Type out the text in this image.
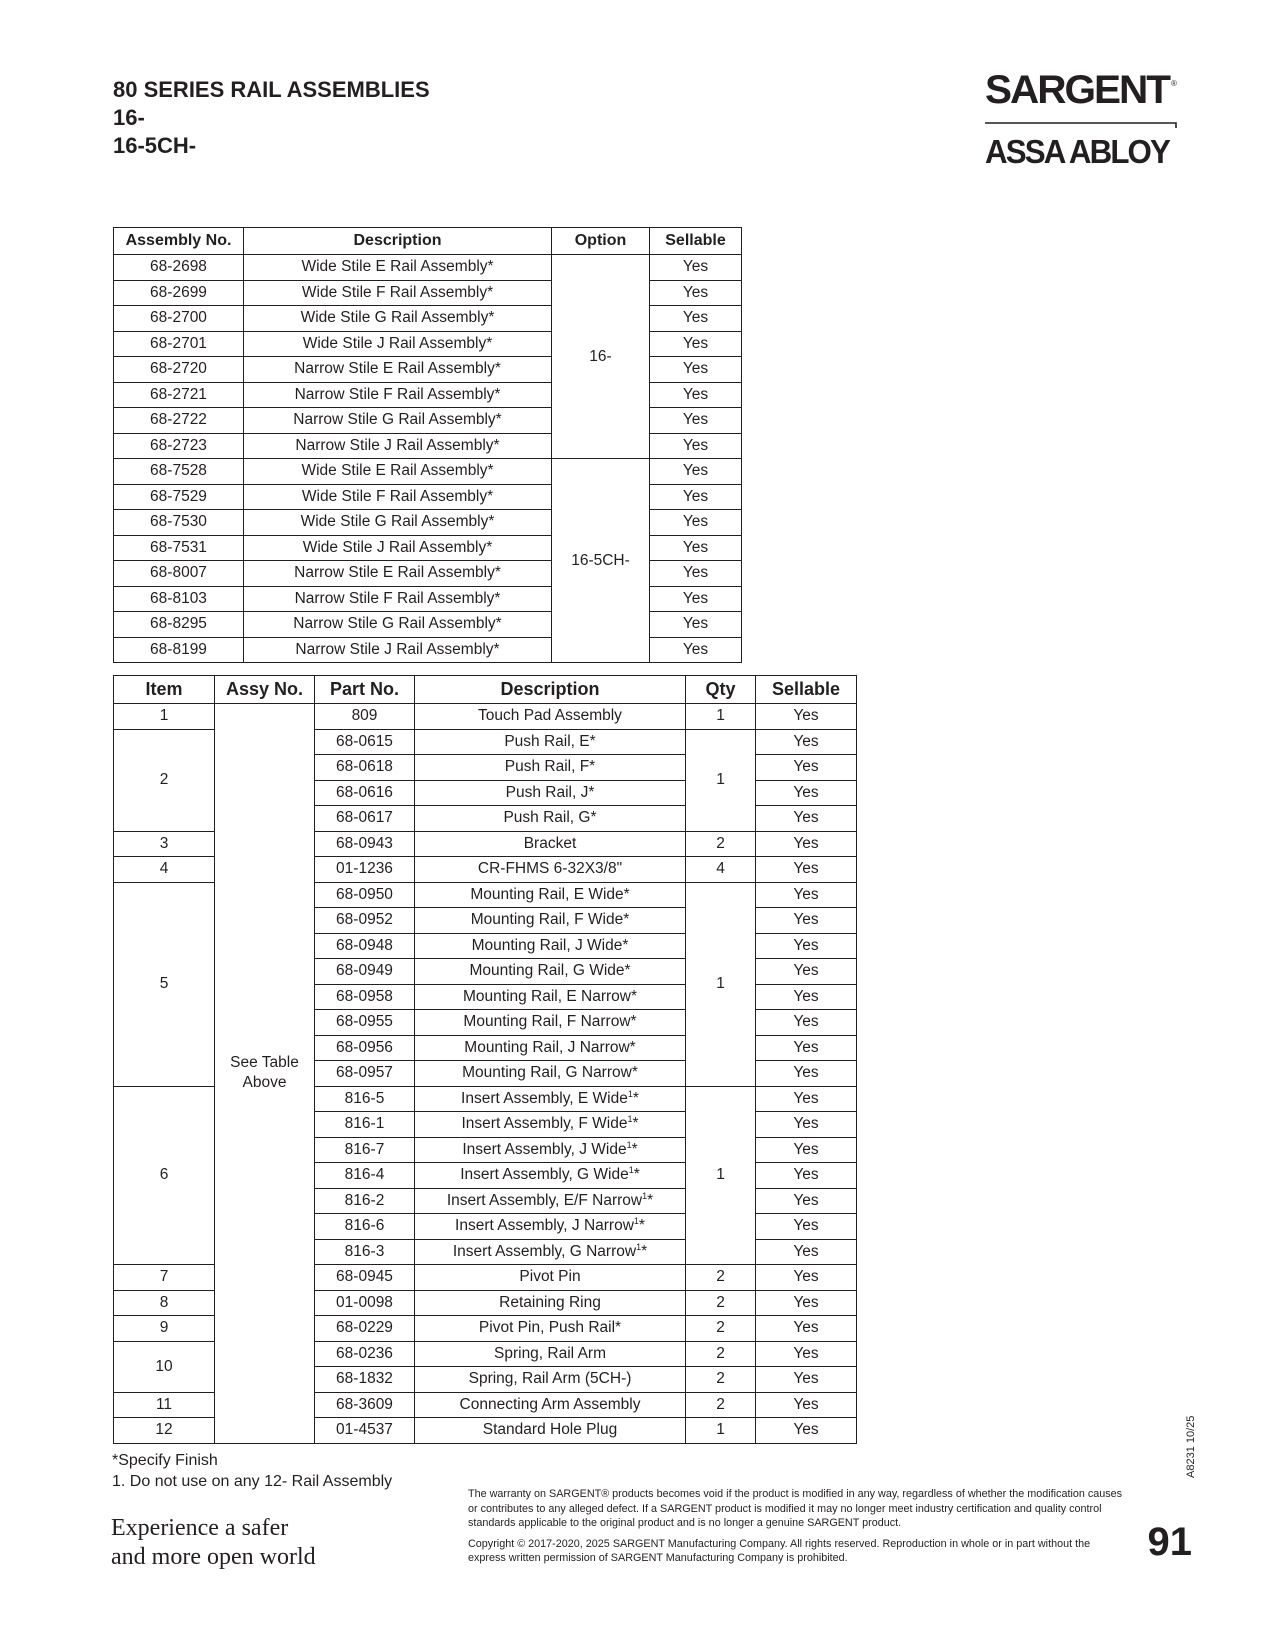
80 SERIES RAIL ASSEMBLIES
16-
16-5CH-
SARGENT ®
ASSA ABLOY
Assembly No.	Description	Option	Sellable
68-2698	Wide Stile E Rail Assembly*	16-	Yes
68-2699	Wide Stile F Rail Assembly*		Yes
68-2700	Wide Stile G Rail Assembly*		Yes
68-2701	Wide Stile J Rail Assembly*		Yes
68-2720	Narrow Stile E Rail Assembly*		Yes
68-2721	Narrow Stile F Rail Assembly*		Yes
68-2722	Narrow Stile G Rail Assembly*		Yes
68-2723	Narrow Stile J Rail Assembly*		Yes
68-7528	Wide Stile E Rail Assembly*	16-5CH-	Yes
68-7529	Wide Stile F Rail Assembly*		Yes
68-7530	Wide Stile G Rail Assembly*		Yes
68-7531	Wide Stile J Rail Assembly*		Yes
68-8007	Narrow Stile E Rail Assembly*		Yes
68-8103	Narrow Stile F Rail Assembly*		Yes
68-8295	Narrow Stile G Rail Assembly*		Yes
68-8199	Narrow Stile J Rail Assembly*		Yes
Item	Assy No.	Part No.	Description	Qty	Sellable
1	See Table Above	809	Touch Pad Assembly	1	Yes
2		68-0615	Push Rail, E*	1	Yes
		68-0618	Push Rail, F*		Yes
		68-0616	Push Rail, J*		Yes
		68-0617	Push Rail, G*		Yes
3		68-0943	Bracket	2	Yes
4		01-1236	CR-FHMS 6-32X3/8"	4	Yes
5		68-0950	Mounting Rail, E Wide*	1	Yes
		68-0952	Mounting Rail, F Wide*		Yes
		68-0948	Mounting Rail, J Wide*		Yes
		68-0949	Mounting Rail, G Wide*		Yes
		68-0958	Mounting Rail, E Narrow*		Yes
		68-0955	Mounting Rail, F Narrow*		Yes
		68-0956	Mounting Rail, J Narrow*		Yes
		68-0957	Mounting Rail, G Narrow*		Yes
6		816-5	Insert Assembly, E Wide$^1$*	1	Yes
		816-1	Insert Assembly, F Wide$^1$*		Yes
		816-7	Insert Assembly, J Wide$^1$*		Yes
		816-4	Insert Assembly, G Wide$^1$*		Yes
		816-2	Insert Assembly, E/F Narrow$^1$*		Yes
		816-6	Insert Assembly, J Narrow$^1$*		Yes
		816-3	Insert Assembly, G Narrow$^1$*		Yes
7		68-0945	Pivot Pin	2	Yes
8		01-0098	Retaining Ring	2	Yes
9		68-0229	Pivot Pin, Push Rail*	2	Yes
10		68-0236	Spring, Rail Arm	2	Yes
		68-1832	Spring, Rail Arm (5CH-)	2	Yes
11		68-3609	Connecting Arm Assembly	2	Yes
12		01-4537	Standard Hole Plug	1	Yes
*Specify Finish
1. Do not use on any 12- Rail Assembly
Experience a safer
and more open world

The warranty on SARGENT® products becomes void if the product is modified in any way, regardless of whether the modification causes or contributes to any alleged defect. If a SARGENT product is modified it may no longer meet industry certification and quality control standards applicable to the original product and is no longer a genuine SARGENT product.

Copyright © 2017-2020, 2025 SARGENT Manufacturing Company. All rights reserved. Reproduction in whole or in part without the express written permission of SARGENT Manufacturing Company is prohibited.

A8231 10/25
91
